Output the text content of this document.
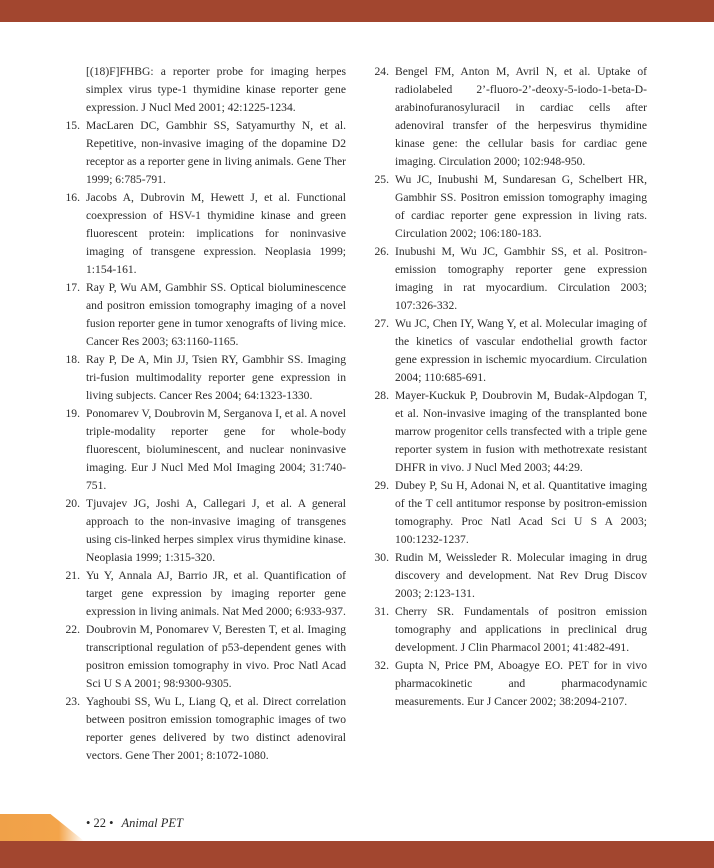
[(18)F]FHBG: a reporter probe for imaging herpes simplex virus type-1 thymidine kinase reporter gene expression. J Nucl Med 2001; 42:1225-1234.
15. MacLaren DC, Gambhir SS, Satyamurthy N, et al. Repetitive, non-invasive imaging of the dopamine D2 receptor as a reporter gene in living animals. Gene Ther 1999; 6:785-791.
16. Jacobs A, Dubrovin M, Hewett J, et al. Functional coexpression of HSV-1 thymidine kinase and green fluorescent protein: implications for noninvasive imaging of transgene expression. Neoplasia 1999; 1:154-161.
17. Ray P, Wu AM, Gambhir SS. Optical bioluminescence and positron emission tomography imaging of a novel fusion reporter gene in tumor xenografts of living mice. Cancer Res 2003; 63:1160-1165.
18. Ray P, De A, Min JJ, Tsien RY, Gambhir SS. Imaging tri-fusion multimodality reporter gene expression in living subjects. Cancer Res 2004; 64:1323-1330.
19. Ponomarev V, Doubrovin M, Serganova I, et al. A novel triple-modality reporter gene for whole-body fluorescent, bioluminescent, and nuclear noninvasive imaging. Eur J Nucl Med Mol Imaging 2004; 31:740-751.
20. Tjuvajev JG, Joshi A, Callegari J, et al. A general approach to the non-invasive imaging of transgenes using cis-linked herpes simplex virus thymidine kinase. Neoplasia 1999; 1:315-320.
21. Yu Y, Annala AJ, Barrio JR, et al. Quantification of target gene expression by imaging reporter gene expression in living animals. Nat Med 2000; 6:933-937.
22. Doubrovin M, Ponomarev V, Beresten T, et al. Imaging transcriptional regulation of p53-dependent genes with positron emission tomography in vivo. Proc Natl Acad Sci U S A 2001; 98:9300-9305.
23. Yaghoubi SS, Wu L, Liang Q, et al. Direct correlation between positron emission tomographic images of two reporter genes delivered by two distinct adenoviral vectors. Gene Ther 2001; 8:1072-1080.
24. Bengel FM, Anton M, Avril N, et al. Uptake of radiolabeled 2’-fluoro-2’-deoxy-5-iodo-1-beta-D-arabinofuranosyluracil in cardiac cells after adenoviral transfer of the herpesvirus thymidine kinase gene: the cellular basis for cardiac gene imaging. Circulation 2000; 102:948-950.
25. Wu JC, Inubushi M, Sundaresan G, Schelbert HR, Gambhir SS. Positron emission tomography imaging of cardiac reporter gene expression in living rats. Circulation 2002; 106:180-183.
26. Inubushi M, Wu JC, Gambhir SS, et al. Positron-emission tomography reporter gene expression imaging in rat myocardium. Circulation 2003; 107:326-332.
27. Wu JC, Chen IY, Wang Y, et al. Molecular imaging of the kinetics of vascular endothelial growth factor gene expression in ischemic myocardium. Circulation 2004; 110:685-691.
28. Mayer-Kuckuk P, Doubrovin M, Budak-Alpdogan T, et al. Non-invasive imaging of the transplanted bone marrow progenitor cells transfected with a triple gene reporter system in fusion with methotrexate resistant DHFR in vivo. J Nucl Med 2003; 44:29.
29. Dubey P, Su H, Adonai N, et al. Quantitative imaging of the T cell antitumor response by positron-emission tomography. Proc Natl Acad Sci U S A 2003; 100:1232-1237.
30. Rudin M, Weissleder R. Molecular imaging in drug discovery and development. Nat Rev Drug Discov 2003; 2:123-131.
31. Cherry SR. Fundamentals of positron emission tomography and applications in preclinical drug development. J Clin Pharmacol 2001; 41:482-491.
32. Gupta N, Price PM, Aboagye EO. PET for in vivo pharmacokinetic and pharmacodynamic measurements. Eur J Cancer 2002; 38:2094-2107.
• 22 • Animal PET
